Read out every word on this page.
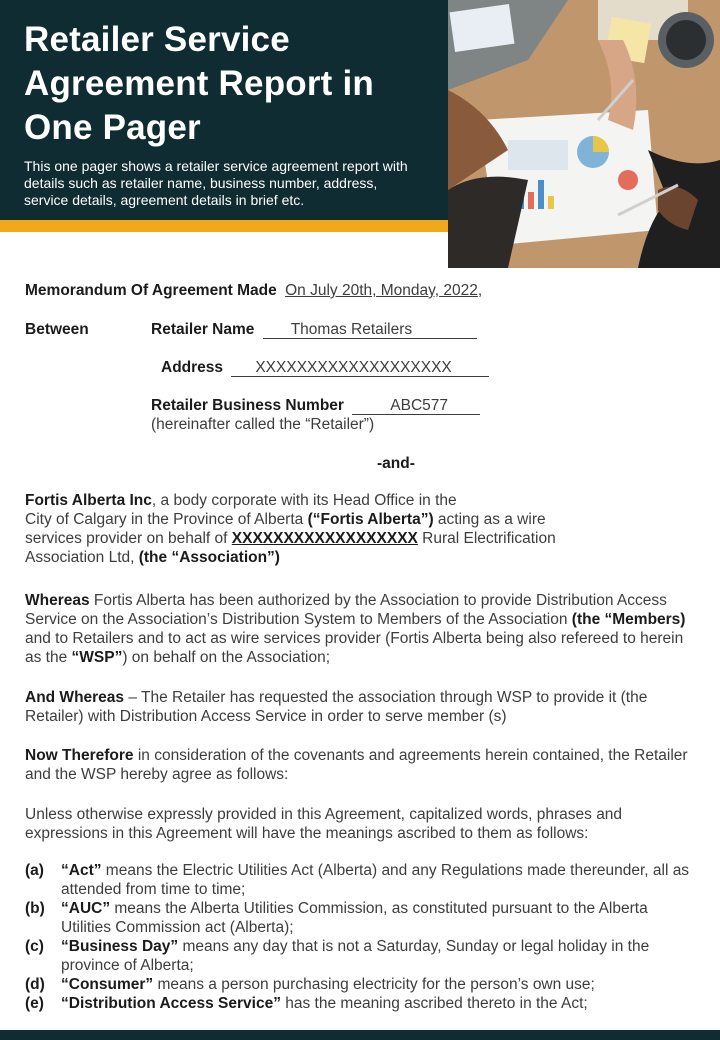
Retailer Service Agreement Report in One Pager

This one pager shows a retailer service agreement report with details such as retailer name, business number, address, service details, agreement details in brief etc.

Memorandum Of Agreement Made On July 20th, Monday, 2022,
Between	Retailer Name Thomas Retailers
Address XXXXXXXXXXXXXXXXXXX
Retailer Business Number	ABC577
(hereinafter called the “Retailer”)
-and-
Fortis Alberta Inc, a body corporate with its Head Office in the
City of Calgary in the Province of Alberta (“Fortis Alberta”) acting as a wire
services provider on behalf of XXXXXXXXXXXXXXXXXX Rural Electrification
Association Ltd, (the “Association”)
Whereas Fortis Alberta has been authorized by the Association to provide Distribution Access Service on the Association’s Distribution System to Members of the Association (the “Members) and to Retailers and to act as wire services provider (Fortis Alberta being also refereed to herein as the “WSP”) on behalf on the Association;
And Whereas – The Retailer has requested the association through WSP to provide it (the Retailer) with Distribution Access Service in order to serve member (s)
Now Therefore in consideration of the covenants and agreements herein contained, the Retailer and the WSP hereby agree as follows:
Unless otherwise expressly provided in this Agreement, capitalized words, phrases and expressions in this Agreement will have the meanings ascribed to them as follows:
(a)	“Act” means the Electric Utilities Act (Alberta) and any Regulations made thereunder, all as attended from time to time;
(b)	“AUC” means the Alberta Utilities Commission, as constituted pursuant to the Alberta Utilities Commission act (Alberta);
(c)	“Business Day” means any day that is not a Saturday, Sunday or legal holiday in the province of Alberta;
(d)	“Consumer” means a person purchasing electricity for the person’s own use;
(e)	“Distribution Access Service” has the meaning ascribed thereto in the Act;
